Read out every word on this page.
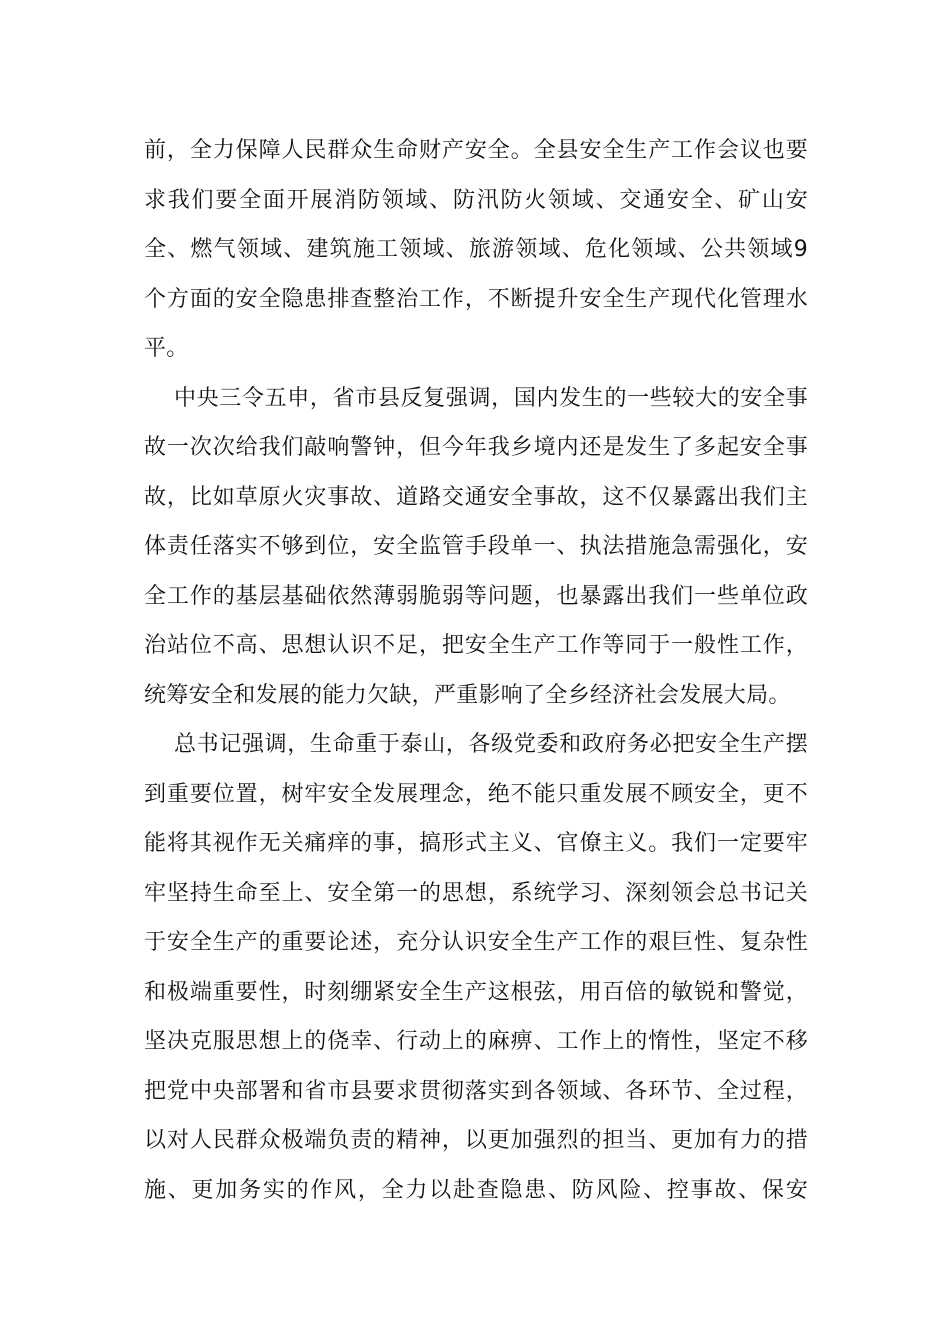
前，全力保障人民群众生命财产安全。全县安全生产工作会议也要
求我们要全面开展消防领域、防汛防火领域、交通安全、矿山安
全、燃气领域、建筑施工领域、旅游领域、危化领域、公共领域9
个方面的安全隐患排查整治工作，不断提升安全生产现代化管理水
平。
中央三令五申，省市县反复强调，国内发生的一些较大的安全事
故一次次给我们敲响警钟，但今年我乡境内还是发生了多起安全事
故，比如草原火灾事故、道路交通安全事故，这不仅暴露出我们主
体责任落实不够到位，安全监管手段单一、执法措施急需强化，安
全工作的基层基础依然薄弱脆弱等问题，也暴露出我们一些单位政
治站位不高、思想认识不足，把安全生产工作等同于一般性工作，
统筹安全和发展的能力欠缺，严重影响了全乡经济社会发展大局。
总书记强调，生命重于泰山，各级党委和政府务必把安全生产摆
到重要位置，树牢安全发展理念，绝不能只重发展不顾安全，更不
能将其视作无关痛痒的事，搞形式主义、官僚主义。我们一定要牢
牢坚持生命至上、安全第一的思想，系统学习、深刻领会总书记关
于安全生产的重要论述，充分认识安全生产工作的艰巨性、复杂性
和极端重要性，时刻绷紧安全生产这根弦，用百倍的敏锐和警觉，
坚决克服思想上的侥幸、行动上的麻痹、工作上的惰性，坚定不移
把党中央部署和省市县要求贯彻落实到各领域、各环节、全过程，
以对人民群众极端负责的精神，以更加强烈的担当、更加有力的措
施、更加务实的作风，全力以赴查隐患、防风险、控事故、保安
